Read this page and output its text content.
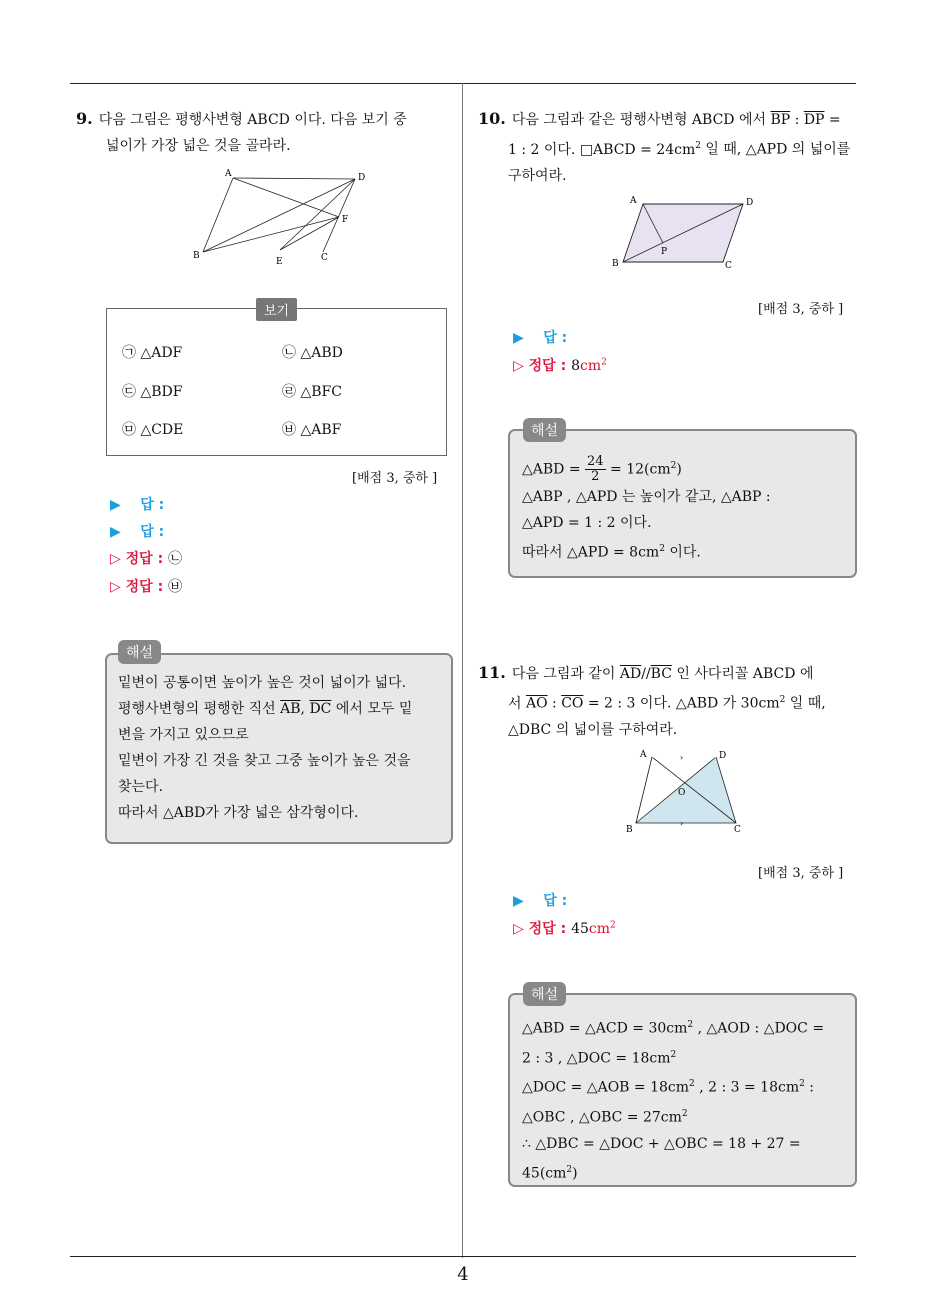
9. 다음 그림은 평행사변형 ABCD 이다. 다음 보기 중
넓이가 가장 넓은 것을 골라라.
A	D
F
B
E	C
보기
㉠ △ADF	㉡ △ABD
㉢ △BDF	㉣ △BFC
㉤ △CDE	㉥ △ABF
[배점 3, 중하 ]
▶ 답 :
▶ 답 :
▷ 정답 : ㉡
▷ 정답 : ㉥
해설
밑변이 공통이면 높이가 높은 것이 넓이가 넓다.
평행사변형의 평행한 직선 $\overline{AB}$, $\overline{DC}$ 에서 모두 밑
변을 가지고 있으므로
밑변이 가장 긴 것을 찾고 그중 높이가 높은 것을
찾는다.
따라서 △ABD가 가장 넓은 삼각형이다.
10. 다음 그림과 같은 평행사변형 ABCD 에서 $\overline{BP}$ : $\overline{DP}$ =
1 : 2 이다. □ABCD = $24cm^2$ 일 때, △APD 의 넓이를
구하여라.
A	D
B	C
P
[배점 3, 중하 ]
▶ 답 :
▷ 정답 : $8cm^2$
해설
△ABD = $\frac{24}{2} = 12(cm^2)$
△ABP , △APD 는 높이가 같고, △ABP :
△APD = 1 : 2 이다.
따라서 △APD = $8cm^2$ 이다.
11. 다음 그림과 같이 $\overline{AD}//\overline{BC}$ 인 사다리꼴 ABCD 에
서 $\overline{AO}$ : $\overline{CO} = 2$ : 3 이다. △ABD 가 $30cm^2$ 일 때,
△DBC 의 넓이를 구하여라.
›
›
A	D
O
B	C
[배점 3, 중하 ]
▶ 답 :
▷ 정답 : $45cm^2$
해설
△ABD = △ACD = $30cm^2$ , △AOD : △DOC =
2 : 3 , △DOC = $18cm^2$
△DOC = △AOB = $18cm^2$ , 2 : $3 = 18cm^2$ :
△OBC , △OBC = $27cm^2$
∴ △DBC = △DOC + △OBC = 18 + 27 =
$45(cm^2)$
4
